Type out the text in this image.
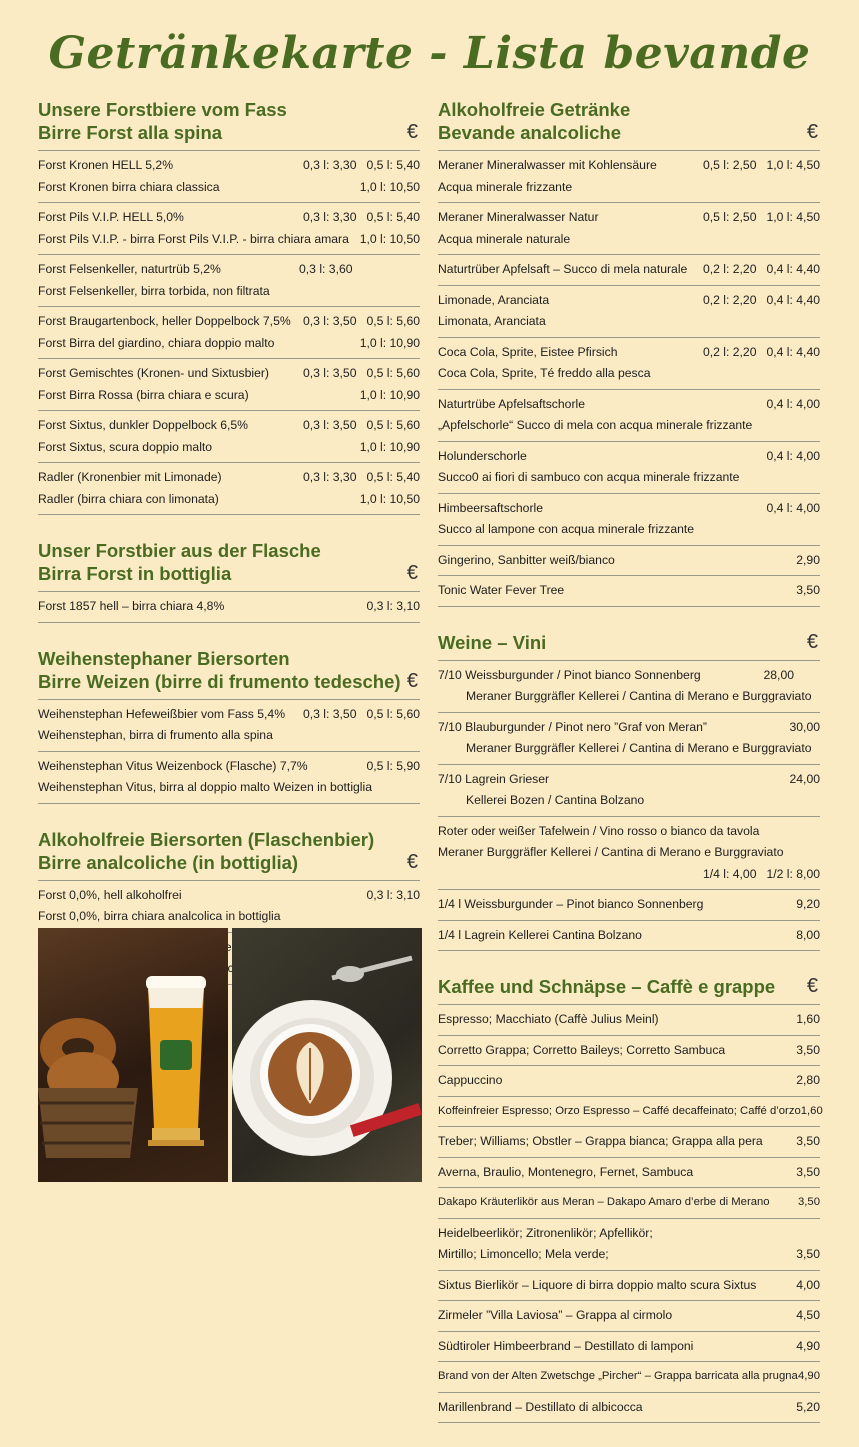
Getränkekarte - Lista bevande
Unsere Forstbiere vom Fass
Birre Forst alla spina	€
Forst Kronen HELL 5,2%	0,3 l: 3,30 0,5 l: 5,40
Forst Kronen birra chiara classica	1,0 l: 10,50
Forst Pils V.I.P. HELL 5,0%	0,3 l: 3,30 0,5 l: 5,40
Forst Pils V.I.P. - birra Forst Pils V.I.P. - birra chiara amara 1,0 l: 10,50
Forst Felsenkeller, naturtrüb 5,2%	0,3 l: 3,60
Forst Felsenkeller, birra torbida, non filtrata
Forst Braugartenbock, heller Doppelbock 7,5% 0,3 l: 3,50 0,5 l: 5,60
Forst Birra del giardino, chiara doppio malto	1,0 l: 10,90
Forst Gemischtes (Kronen- und Sixtusbier)	0,3 l: 3,50 0,5 l: 5,60
Forst Birra Rossa (birra chiara e scura)	1,0 l: 10,90
Forst Sixtus, dunkler Doppelbock 6,5%	0,3 l: 3,50 0,5 l: 5,60
Forst Sixtus, scura doppio malto	1,0 l: 10,90
Radler (Kronenbier mit Limonade)	0,3 l: 3,30 0,5 l: 5,40
Radler (birra chiara con limonata)	1,0 l: 10,50
Unser Forstbier aus der Flasche
Birra Forst in bottiglia	€
Forst 1857 hell – birra chiara 4,8%	0,3 l: 3,10
Weihenstephaner Biersorten
Birre Weizen (birre di frumento tedesche) €
Weihenstephan Hefeweißbier vom Fass 5,4% 0,3 l: 3,50 0,5 l: 5,60
Weihenstephan, birra di frumento alla spina
Weihenstephan Vitus Weizenbock (Flasche) 7,7%	0,5 l: 5,90
Weihenstephan Vitus, birra al doppio malto Weizen in bottiglia
Alkoholfreie Biersorten (Flaschenbier)
Birre analcoliche (in bottiglia)	€
Forst 0,0%, hell alkoholfrei	0,3 l: 3,10
Forst 0,0%, birra chiara analcolica in bottiglia
Alkoholfreie Getränke
Bevande analcoliche	€
Meraner Mineralwasser mit Kohlensäure	0,5 l: 2,50 1,0 l: 4,50
Acqua minerale frizzante
Meraner Mineralwasser Natur	0,5 l: 2,50 1,0 l: 4,50
Acqua minerale naturale
Naturtrüber Apfelsaft – Succo di mela naturale 0,2 l: 2,20 0,4 l: 4,40
Limonade, Aranciata	0,2 l: 2,20 0,4 l: 4,40
Limonata, Aranciata
Coca Cola, Sprite, Eistee Pfirsich	0,2 l: 2,20 0,4 l: 4,40
Coca Cola, Sprite, Té freddo alla pesca
Naturtrübe Apfelsaftschorle	0,4 l: 4,00
„Apfelschorle“ Succo di mela con acqua minerale frizzante
Holunderschorle	0,4 l: 4,00
Succo0 ai fiori di sambuco con acqua minerale frizzante
Himbeersaftschorle	0,4 l: 4,00
Succo al lampone con acqua minerale frizzante
Gingerino, Sanbitter weiß/bianco	2,90
Tonic Water Fever Tree	3,50
Weine – Vini	€
7/10 Weissburgunder / Pinot bianco Sonnenberg	28,00
Meraner Burggräfler Kellerei / Cantina di Merano e Burggraviato
7/10 Blauburgunder / Pinot nero ”Graf von Meran”	30,00
Meraner Burggräfler Kellerei / Cantina di Merano e Burggraviato
7/10 Lagrein Grieser	24,00
Kellerei Bozen / Cantina Bolzano
Roter oder weißer Tafelwein / Vino rosso o bianco da tavola
Meraner Burggräfler Kellerei / Cantina di Merano e Burggraviato
1/4 l: 4,00 1/2 l: 8,00
1/4 l Weissburgunder – Pinot bianco Sonnenberg	9,20
1/4 l Lagrein Kellerei Cantina Bolzano	8,00
Kaffee und Schnäpse – Caffè e grappe €
Espresso; Macchiato (Caffè Julius Meinl)	1,60
Corretto Grappa; Corretto Baileys; Corretto Sambuca	3,50
Cappuccino	2,80
Koffeinfreier Espresso; Orzo Espresso – Caffé decaffeinato; Caffé d’orzo 1,60
Treber; Williams; Obstler – Grappa bianca; Grappa alla pera	3,50
Averna, Braulio, Montenegro, Fernet, Sambuca	3,50
Dakapo Kräuterlikör aus Meran – Dakapo Amaro d’erbe di Merano	3,50
Heidelbeerlikör; Zitronenlikör; Apfellikör;
Mirtillo; Limoncello; Mela verde;	3,50
Sixtus Bierlikör – Liquore di birra doppio malto scura Sixtus	4,00
Zirmeler ”Villa Laviosa” – Grappa al cirmolo	4,50
Südtiroler Himbeerbrand – Destillato di lamponi	4,90
Brand von der Alten Zwetschge „Pircher“ – Grappa barricata alla prugna 4,90
Marillenbrand – Destillato di albicocca	5,20
